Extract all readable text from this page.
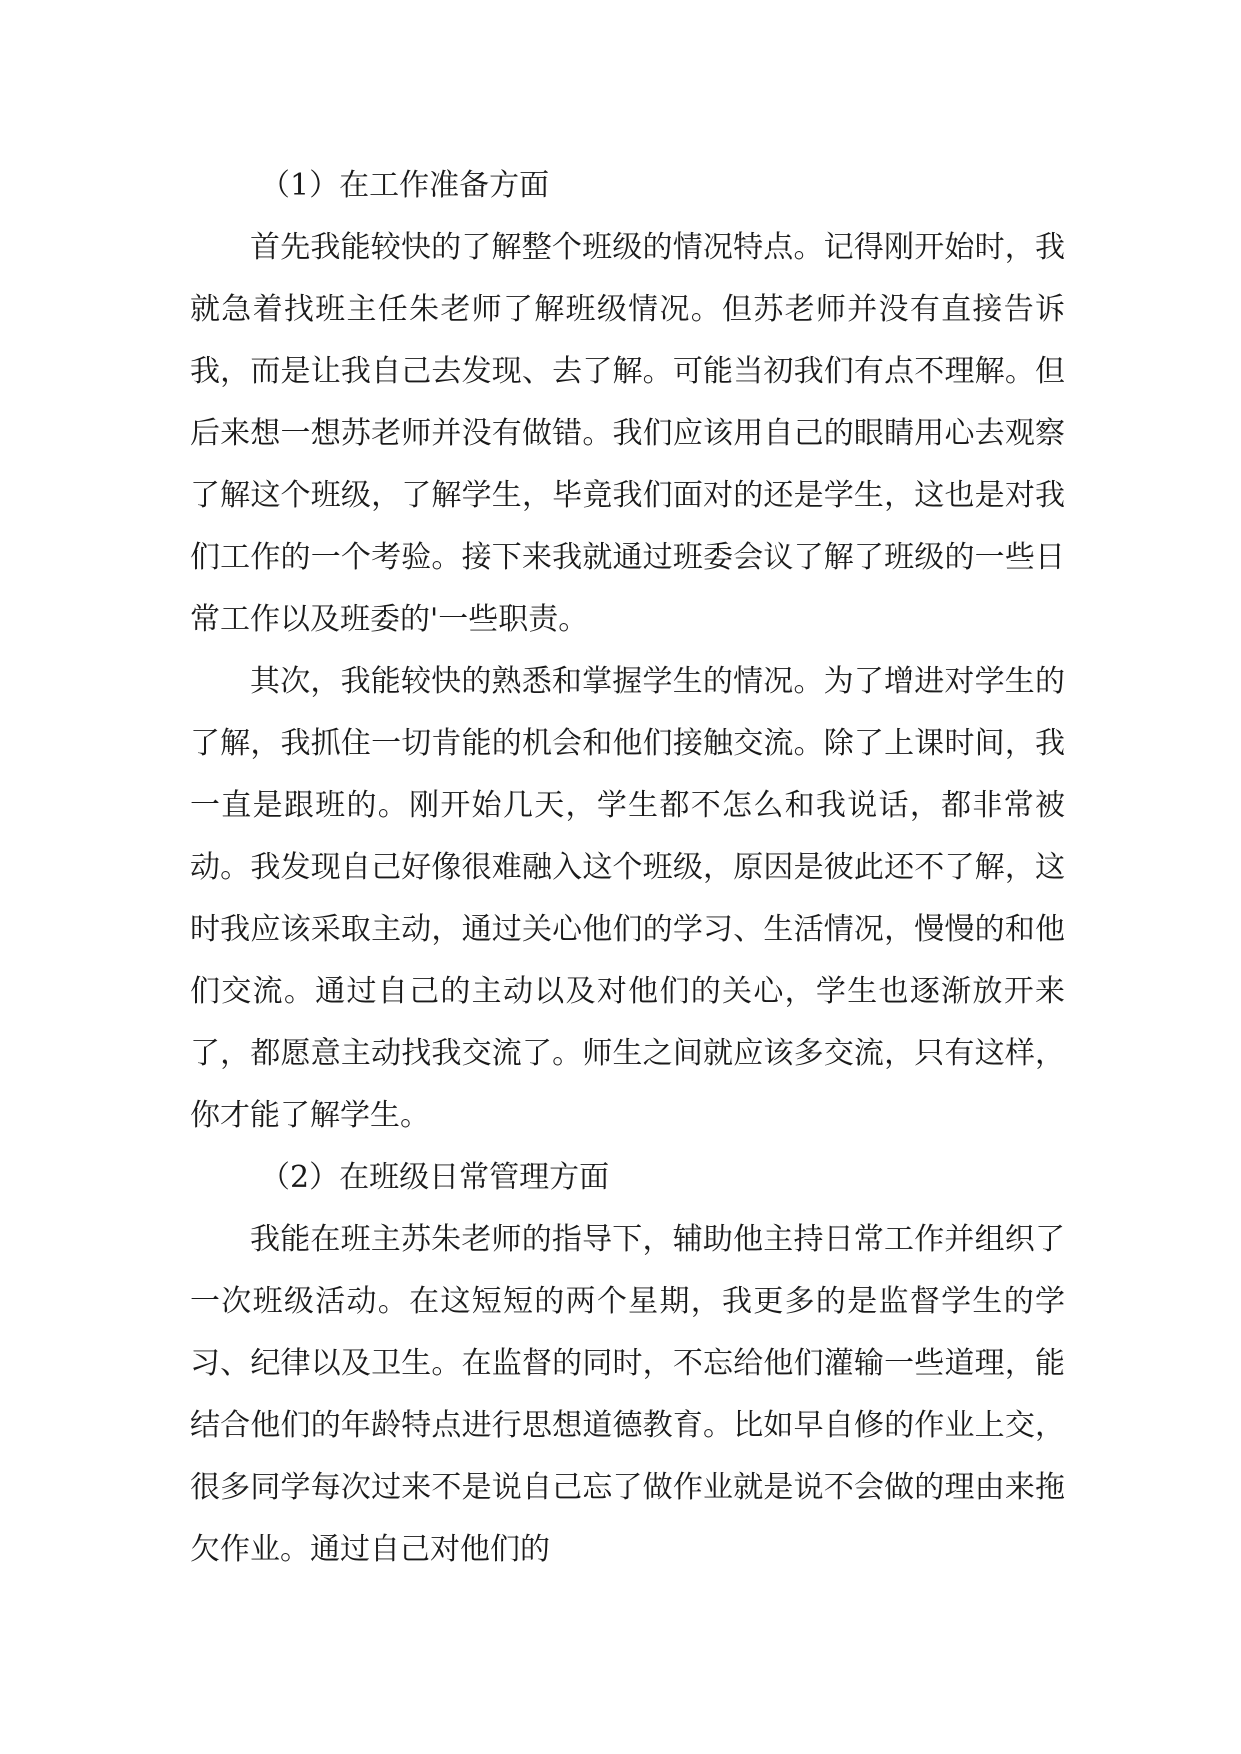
（1）在工作准备方面

首先我能较快的了解整个班级的情况特点。记得刚开始时，我就急着找班主任朱老师了解班级情况。但苏老师并没有直接告诉我，而是让我自己去发现、去了解。可能当初我们有点不理解。但后来想一想苏老师并没有做错。我们应该用自己的眼睛用心去观察了解这个班级，了解学生，毕竟我们面对的还是学生，这也是对我们工作的一个考验。接下来我就通过班委会议了解了班级的一些日常工作以及班委的'一些职责。

其次，我能较快的熟悉和掌握学生的情况。为了增进对学生的了解，我抓住一切肯能的机会和他们接触交流。除了上课时间，我一直是跟班的。刚开始几天，学生都不怎么和我说话，都非常被动。我发现自己好像很难融入这个班级，原因是彼此还不了解，这时我应该采取主动，通过关心他们的学习、生活情况，慢慢的和他们交流。通过自己的主动以及对他们的关心，学生也逐渐放开来了，都愿意主动找我交流了。师生之间就应该多交流，只有这样，你才能了解学生。

（2）在班级日常管理方面

我能在班主苏朱老师的指导下，辅助他主持日常工作并组织了一次班级活动。在这短短的两个星期，我更多的是监督学生的学习、纪律以及卫生。在监督的同时，不忘给他们灌输一些道理，能结合他们的年龄特点进行思想道德教育。比如早自修的作业上交，很多同学每次过来不是说自己忘了做作业就是说不会做的理由来拖欠作业。通过自己对他们的
